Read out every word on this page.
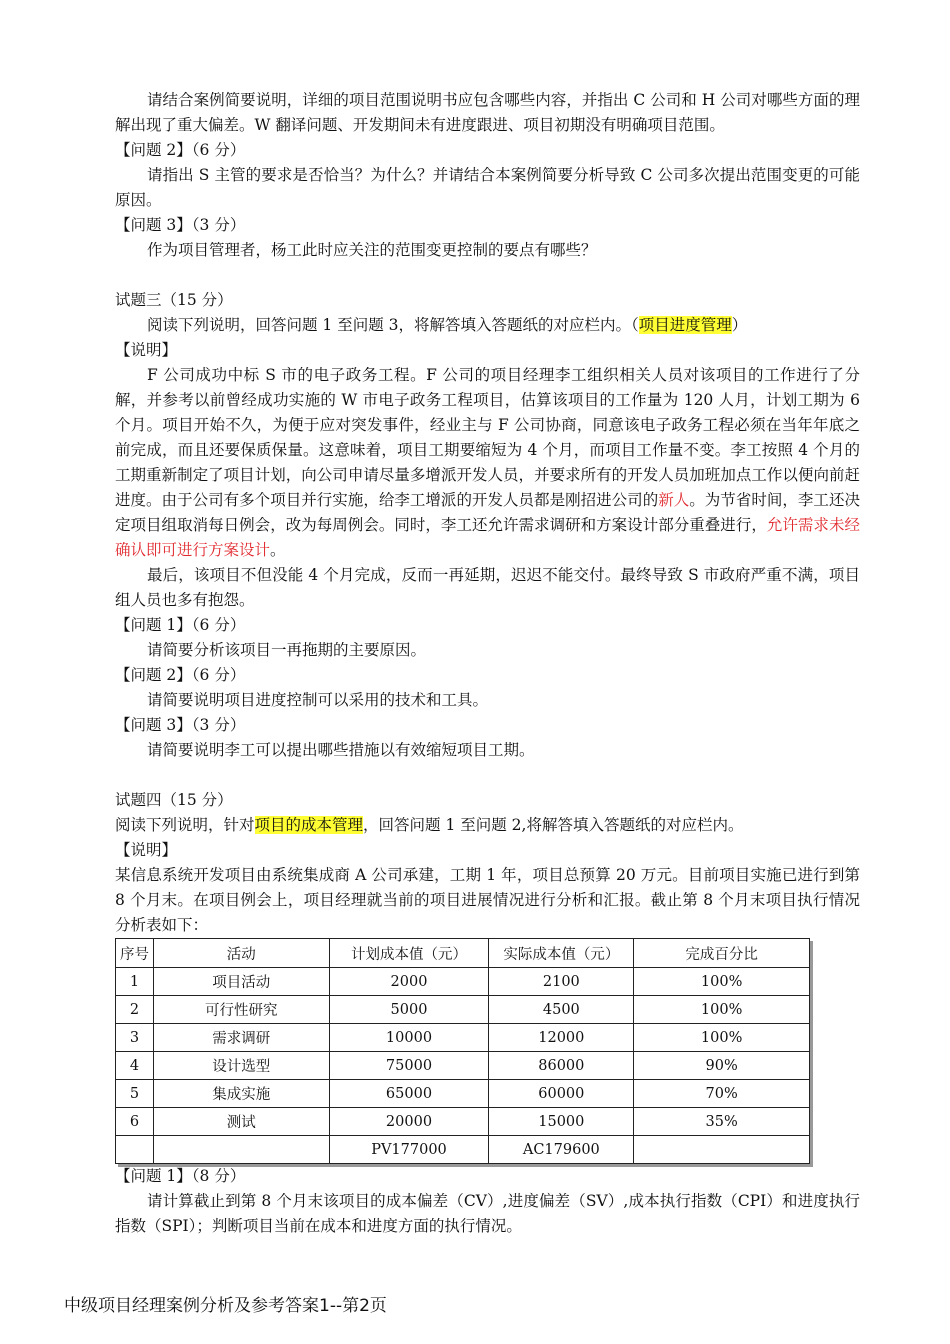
请结合案例简要说明，详细的项目范围说明书应包含哪些内容，并指出 C 公司和 H 公司对哪些方面的理解出现了重大偏差。W 翻译问题、开发期间未有进度跟进、项目初期没有明确项目范围。

【问题 2】（6 分）

请指出 S 主管的要求是否恰当？为什么？并请结合本案例简要分析导致 C 公司多次提出范围变更的可能原因。

【问题 3】（3 分）

作为项目管理者，杨工此时应关注的范围变更控制的要点有哪些？

试题三（15 分）

阅读下列说明，回答问题 1 至问题 3，将解答填入答题纸的对应栏内。（项目进度管理）

【说明】

F 公司成功中标 S 市的电子政务工程。F 公司的项目经理李工组织相关人员对该项目的工作进行了分解，并参考以前曾经成功实施的 W 市电子政务工程项目，估算该项目的工作量为 120 人月，计划工期为 6 个月。项目开始不久，为便于应对突发事件，经业主与 F 公司协商，同意该电子政务工程必须在当年年底之前完成，而且还要保质保量。这意味着，项目工期要缩短为 4 个月，而项目工作量不变。李工按照 4 个月的工期重新制定了项目计划，向公司申请尽量多增派开发人员，并要求所有的开发人员加班加点工作以便向前赶进度。由于公司有多个项目并行实施，给李工增派的开发人员都是刚招进公司的新人。为节省时间，李工还决定项目组取消每日例会，改为每周例会。同时，李工还允许需求调研和方案设计部分重叠进行，允许需求未经确认即可进行方案设计。

最后，该项目不但没能 4 个月完成，反而一再延期，迟迟不能交付。最终导致 S 市政府严重不满，项目组人员也多有抱怨。

【问题 1】（6 分）

请简要分析该项目一再拖期的主要原因。

【问题 2】（6 分）

请简要说明项目进度控制可以采用的技术和工具。

【问题 3】（3 分）

请简要说明李工可以提出哪些措施以有效缩短项目工期。

试题四（15 分）

阅读下列说明，针对项目的成本管理，回答问题 1 至问题 2,将解答填入答题纸的对应栏内。

【说明】

某信息系统开发项目由系统集成商 A 公司承建，工期 1 年，项目总预算 20 万元。目前项目实施已进行到第 8 个月末。在项目例会上，项目经理就当前的项目进展情况进行分析和汇报。截止第 8 个月末项目执行情况分析表如下：

序号	活动	计划成本值（元）	实际成本值（元）	完成百分比
1	项目活动	2000	2100	100%
2	可行性研究	5000	4500	100%
3	需求调研	10000	12000	100%
4	设计选型	75000	86000	90%
5	集成实施	65000	60000	70%
6	测试	20000	15000	35%
		PV177000	AC179600	

【问题 1】（8 分）

请计算截止到第 8 个月末该项目的成本偏差（CV）,进度偏差（SV）,成本执行指数（CPI）和进度执行指数（SPI）；判断项目当前在成本和进度方面的执行情况。

中级项目经理案例分析及参考答案1--第2页
